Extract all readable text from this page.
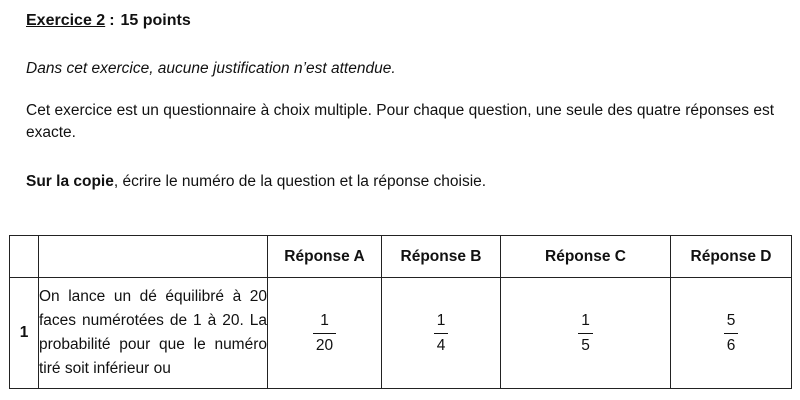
Exercice 2 : 15 points
Dans cet exercice, aucune justification n’est attendue.
Cet exercice est un questionnaire à choix multiple. Pour chaque question, une seule des quatre réponses est exacte.
Sur la copie, écrire le numéro de la question et la réponse choisie.
		Réponse A	Réponse B	Réponse C	Réponse D
1	On lance un dé équilibré à 20 faces numérotées de 1 à 20. La probabilité pour que le numéro tiré soit inférieur ou	$\frac{1}{20}$	$\frac{1}{4}$	$\frac{1}{5}$	$\frac{5}{6}$
